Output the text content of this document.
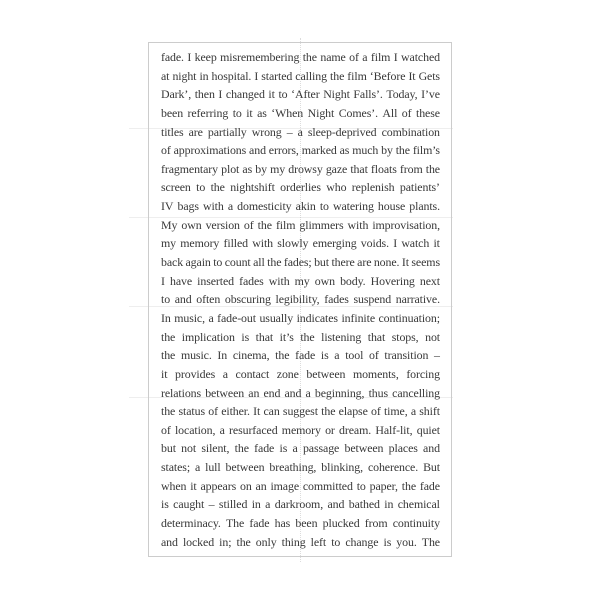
fade. I keep misremembering the name of a film I watched
at night in hospital. I started calling the film ‘Before It Gets
Dark’, then I changed it to ‘After Night Falls’. Today, I’ve
been referring to it as ‘When Night Comes’. All of these
titles are partially wrong – a sleep-deprived combination
of approximations and errors, marked as much by the film’s
fragmentary plot as by my drowsy gaze that floats from the
screen to the nightshift orderlies who replenish patients’
IV bags with a domesticity akin to watering house plants.
My own version of the film glimmers with improvisation,
my memory filled with slowly emerging voids. I watch it
back again to count all the fades; but there are none. It seems
I have inserted fades with my own body. Hovering next
to and often obscuring legibility, fades suspend narrative.
In music, a fade-out usually indicates infinite continuation;
the implication is that it’s the listening that stops, not
the music. In cinema, the fade is a tool of transition –
it provides a contact zone between moments, forcing
relations between an end and a beginning, thus cancelling
the status of either. It can suggest the elapse of time, a shift
of location, a resurfaced memory or dream. Half-lit, quiet
but not silent, the fade is a passage between places and
states; a lull between breathing, blinking, coherence. But
when it appears on an image committed to paper, the fade
is caught – stilled in a darkroom, and bathed in chemical
determinacy. The fade has been plucked from continuity
and locked in; the only thing left to change is you. The
